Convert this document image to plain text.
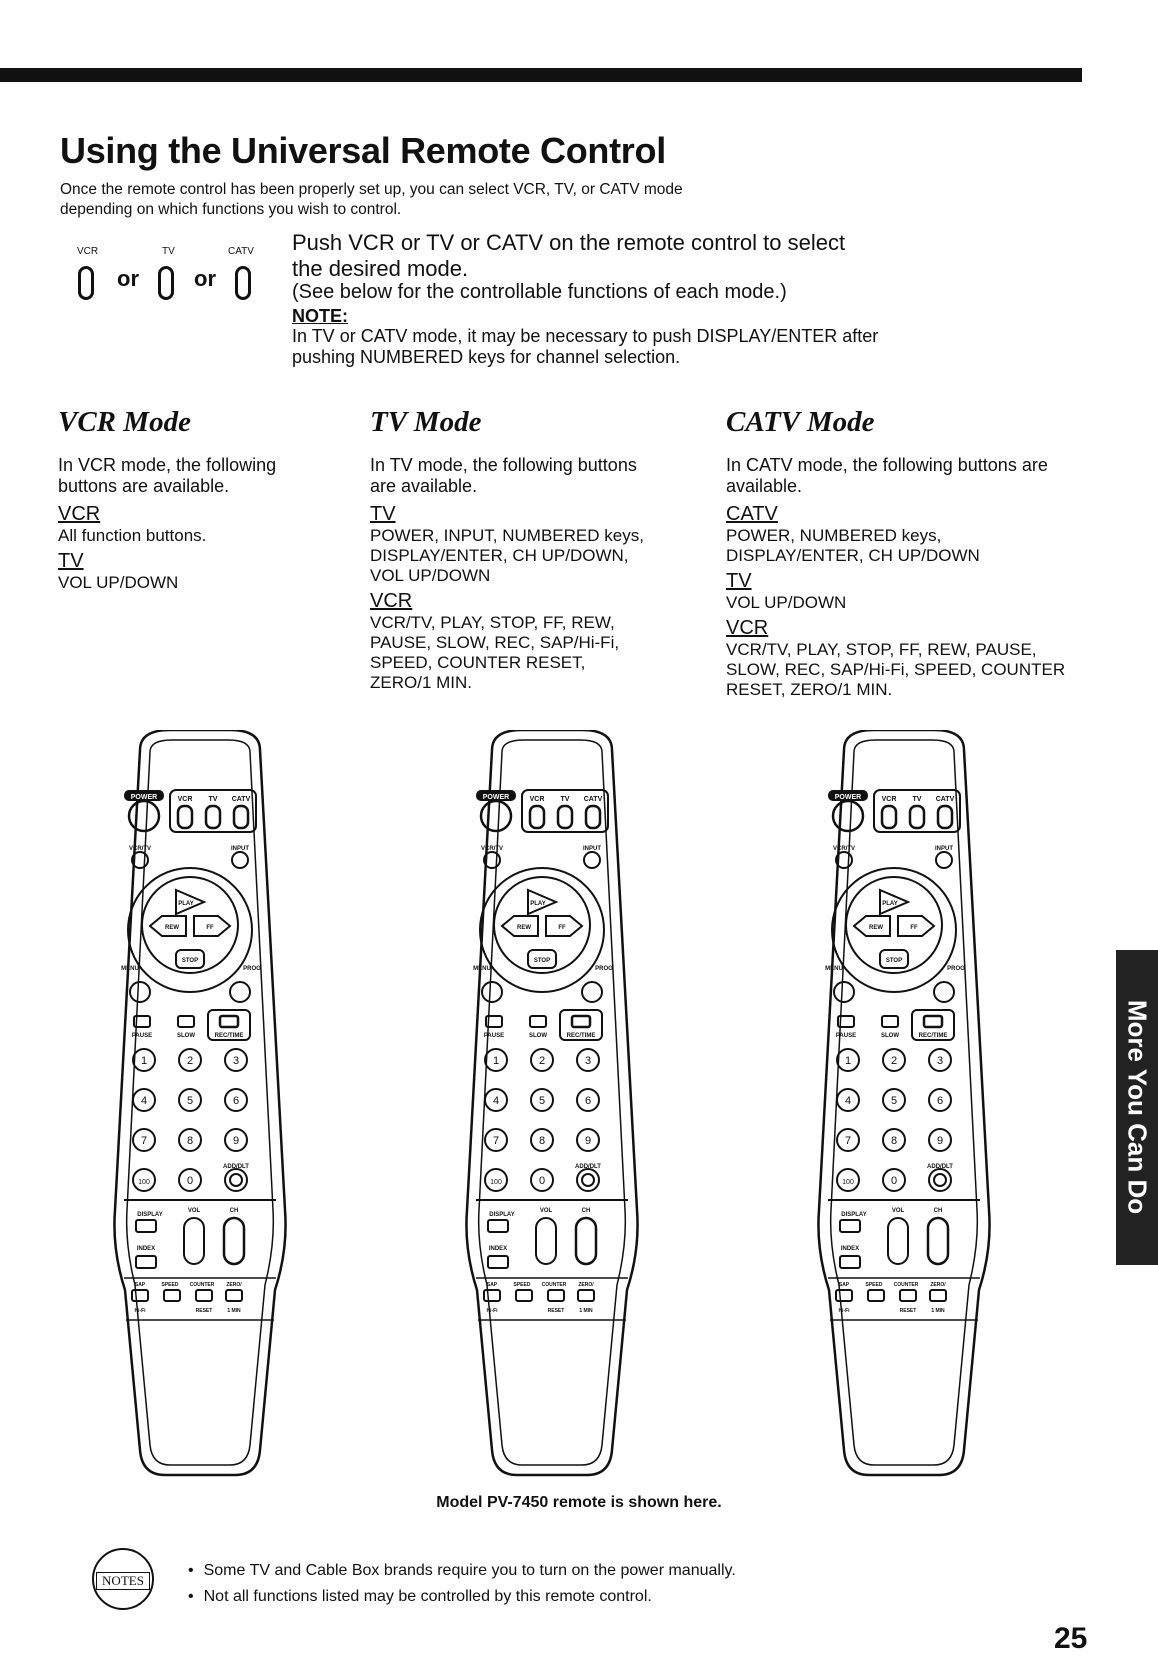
Using the Universal Remote Control

Once the remote control has been properly set up, you can select VCR, TV, or CATV mode depending on which functions you wish to control.

VCR	TV	CATV
or	or

Push VCR or TV or CATV on the remote control to select the desired mode.

(See below for the controllable functions of each mode.)

NOTE:

In TV or CATV mode, it may be necessary to push DISPLAY/ENTER after pushing NUMBERED keys for channel selection.

VCR Mode

In VCR mode, the following buttons are available.

VCR

All function buttons.

TV

VOL UP/DOWN

TV Mode

In TV mode, the following buttons are available.

TV

POWER, INPUT, NUMBERED keys, DISPLAY/ENTER, CH UP/DOWN, VOL UP/DOWN

VCR

VCR/TV, PLAY, STOP, FF, REW, PAUSE, SLOW, REC, SAP/Hi-Fi, SPEED, COUNTER RESET, ZERO/1 MIN.

CATV Mode

In CATV mode, the following buttons are available.

CATV

POWER, NUMBERED keys, DISPLAY/ENTER, CH UP/DOWN

TV

VOL UP/DOWN

VCR

VCR/TV, PLAY, STOP, FF, REW, PAUSE, SLOW, REC, SAP/Hi-Fi, SPEED, COUNTER RESET, ZERO/1 MIN.

POWER	VCR TV CATV
VCR/TV	INPUT
PLAY
REW	FF
STOP
MENU	PROG
PAUSE	SLOW	REC/TIME
1	2	3
4	5	6
7	8	9
100	0
ADD/DLT
DISPLAY
INDEX
VOL	CH
SAP	SPEED COUNTER ZERO/
Hi-Fi	RESET	1 MIN
POWER	VCR TV CATV
VCR/TV	INPUT
PLAY
REW	FF
STOP
MENU	PROG
PAUSE	SLOW	REC/TIME
1	2	3
4	5	6
7	8	9
100	0
ADD/DLT
DISPLAY
INDEX
VOL	CH
SAP	SPEED COUNTER ZERO/
Hi-Fi	RESET	1 MIN
POWER	VCR TV CATV
VCR/TV	INPUT
PLAY
REW	FF
STOP
MENU	PROG
PAUSE	SLOW	REC/TIME
1	2	3
4	5	6
7	8	9
100	0
ADD/DLT
DISPLAY
INDEX
VOL	CH
SAP	SPEED COUNTER ZERO/
Hi-Fi	RESET	1 MIN

Model PV-7450 remote is shown here.

NOTES
• Some TV and Cable Box brands require you to turn on the power manually.
• Not all functions listed may be controlled by this remote control.
More You Can Do
25
